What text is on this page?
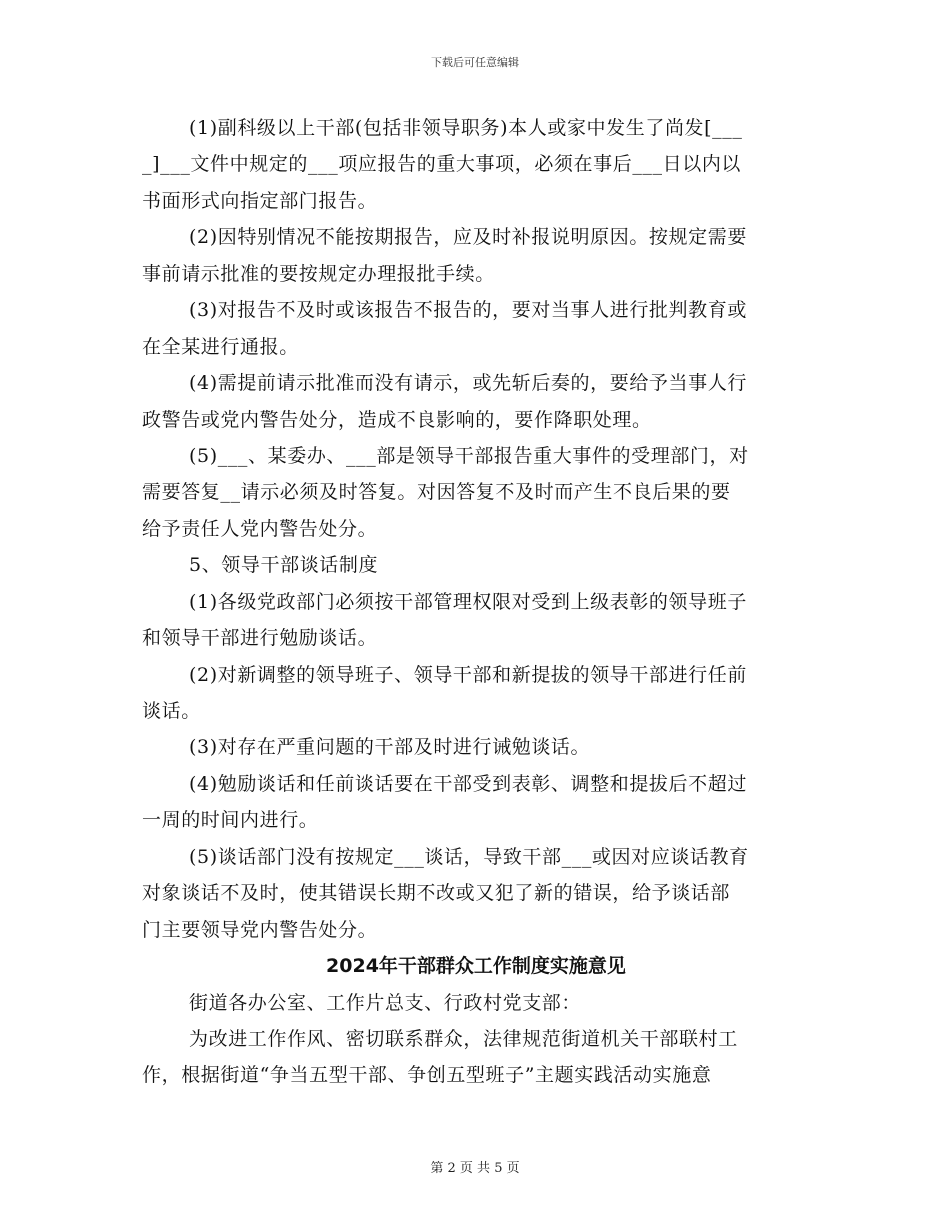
下载后可任意编辑
(1)副科级以上干部(包括非领导职务)本人或家中发生了尚发[___
_]___文件中规定的___项应报告的重大事项，必须在事后___日以内以
书面形式向指定部门报告。
(2)因特别情况不能按期报告，应及时补报说明原因。按规定需要
事前请示批准的要按规定办理报批手续。
(3)对报告不及时或该报告不报告的，要对当事人进行批判教育或
在全某进行通报。
(4)需提前请示批准而没有请示，或先斩后奏的，要给予当事人行
政警告或党内警告处分，造成不良影响的，要作降职处理。
(5)___、某委办、___部是领导干部报告重大事件的受理部门，对
需要答复__请示必须及时答复。对因答复不及时而产生不良后果的要
给予责任人党内警告处分。
5、领导干部谈话制度
(1)各级党政部门必须按干部管理权限对受到上级表彰的领导班子
和领导干部进行勉励谈话。
(2)对新调整的领导班子、领导干部和新提拔的领导干部进行任前
谈话。
(3)对存在严重问题的干部及时进行诫勉谈话。
(4)勉励谈话和任前谈话要在干部受到表彰、调整和提拔后不超过
一周的时间内进行。
(5)谈话部门没有按规定___谈话，导致干部___或因对应谈话教育
对象谈话不及时，使其错误长期不改或又犯了新的错误，给予谈话部
门主要领导党内警告处分。
2024年干部群众工作制度实施意见
街道各办公室、工作片总支、行政村党支部：
为改进工作作风、密切联系群众，法律规范街道机关干部联村工
作，根据街道“争当五型干部、争创五型班子”主题实践活动实施意
第 2 页 共 5 页
